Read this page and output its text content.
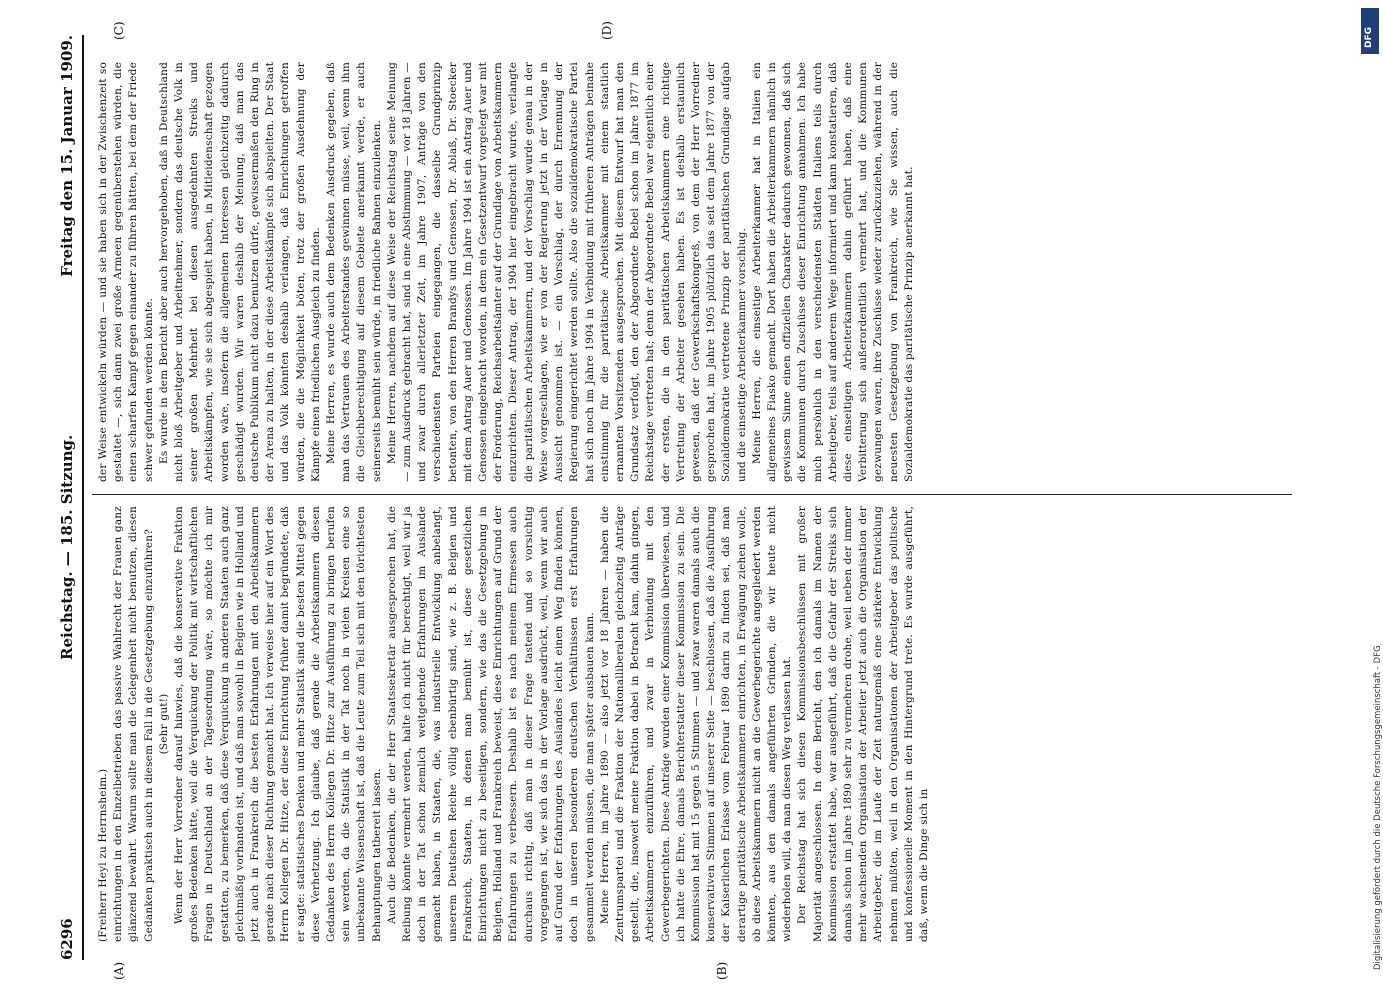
6296
Reichstag. — 185. Sitzung.
Freitag den 15. Januar 1909.
(A)	(B)
(C)	(D)

(Freiherr Heyl zu Herrnsheim.) einrichtungen in den Einzelbetrieben das passive Wahlrecht der Frauen ganz glänzend bewährt. Warum sollte man die Gelegenheit nicht benutzen, diesen Gedanken praktisch auch in diesem Fall in die Gesetzgebung einzuführen? (Sehr gut!) Wenn der Herr Vorredner darauf hinwies, daß die konservative Fraktion großes Bedenken hätte, weil die Verquickung der Politik mit wirtschaftlichen Fragen in Deutschland an der Tagesordnung wäre, so möchte ich mir gestatten, zu bemerken, daß diese Verquickung in anderen Staaten auch ganz gleichmäßig vorhanden ist, und daß man sowohl in Belgien wie in Holland und jetzt auch in Frankreich die besten Erfahrungen mit den Arbeitskammern gerade nach dieser Richtung gemacht hat. Ich verweise hier auf ein Wort des Herrn Kollegen Dr. Hitze, der diese Einrichtung früher damit begründete, daß er sagte: statistisches Denken und mehr Statistik sind die besten Mittel gegen diese Verhetzung. Ich glaube, daß gerade die Arbeitskammern diesen Gedanken des Herrn Kollegen Dr. Hitze zur Ausführung zu bringen berufen sein werden, da die Statistik in der Tat noch in vielen Kreisen eine so unbekannte Wissenschaft ist, daß die Leute zum Teil sich mit den törichtesten Behauptungen tatbereit lassen. Auch die Bedenken, die der Herr Staatssekretär ausgesprochen hat, die Reibung könnte vermehrt werden, halte ich nicht für berechtigt, weil wir ja doch in der Tat schon ziemlich weitgehende Erfahrungen im Auslande gemacht haben, in Staaten, die, was industrielle Entwicklung anbelangt, unserem Deutschen Reiche völlig ebenbürtig sind, wie z. B. Belgien und Frankreich, Staaten, in denen man bemüht ist, diese gesetzlichen Einrichtungen nicht zu beseitigen, sondern, wie das die Gesetzgebung in Belgien, Holland und Frankreich beweist, diese Einrichtungen auf Grund der Erfahrungen zu verbessern. Deshalb ist es nach meinem Ermessen auch durchaus richtig, daß man in dieser Frage tastend und so vorsichtig vorgegangen ist, wie sich das in der Vorlage ausdrückt, weil, wenn wir auch auf Grund der Erfahrungen des Auslandes leicht einen Weg finden können, doch in unseren besonderen deutschen Verhältnissen erst Erfahrungen gesammelt werden müssen, die man später ausbauen kann. Meine Herren, im Jahre 1890 — also jetzt vor 18 Jahren — haben die Zentrumspartei und die Fraktion der Nationalliberalen gleichzeitig Anträge gestellt, die, insoweit meine Fraktion dabei in Betracht kam, dahin gingen, Arbeitskammern einzuführen, und zwar in Verbindung mit den Gewerbegerichten. Diese Anträge wurden einer Kommission überwiesen, und ich hatte die Ehre, damals Berichterstatter dieser Kommission zu sein. Die Kommission hat mit 15 gegen 5 Stimmen — und zwar waren damals auch die konservativen Stimmen auf unserer Seite — beschlossen, daß die Ausführung der Kaiserlichen Erlasse vom Februar 1890 darin zu finden sei, daß man derartige paritätische Arbeitskammern einrichten, in Erwägung ziehen wolle, ob diese Arbeitskammern nicht an die Gewerbegerichte angegliedert werden könnten, aus den damals angeführten Gründen, die wir heute nicht wiederholen will, da man diesen Weg verlassen hat. Der Reichstag hat sich diesen Kommissionsbeschlüssen mit großer Majorität angeschlossen. In dem Bericht, den ich damals im Namen der Kommission erstattet habe, war ausgeführt, daß die Gefahr der Streiks sich damals schon im Jahre 1890 sehr zu vermehren drohe, weil neben der immer mehr wachsenden Organisation der Arbeiter jetzt auch die Organisation der Arbeitgeber, die im Laufe der Zeit naturgemäß eine stärkere Entwicklung nehmen müßten, weil in den Organisationen der Arbeitgeber das politische und konfessionelle Moment in den Hintergrund trete. Es wurde ausgeführt, daß, wenn die Dinge sich in

der Weise entwickeln würden — und sie haben sich in der Zwischenzeit so gestaltet —, sich dann zwei große Armeen gegenüberstehen würden, die einen scharfen Kampf gegen einander zu führen hätten, bei dem der Friede schwer gefunden werden könnte. Es wurde in dem Bericht aber auch hervorgehoben, daß in Deutschland nicht bloß Arbeitgeber und Arbeitnehmer, sondern das deutsche Volk in seiner großen Mehrheit bei diesen ausgedehnten Streiks und Arbeitskämpfen, wie sie sich abgespielt haben, in Mitleidenschaft gezogen worden wäre, insofern die allgemeinen Interessen gleichzeitig dadurch geschädigt wurden. Wir waren deshalb der Meinung, daß man das deutsche Publikum nicht dazu benutzen dürfe, gewissermaßen den Ring in der Arena zu halten, in der diese Arbeitskämpfe sich abspielten. Der Staat und das Volk könnten deshalb verlangen, daß Einrichtungen getroffen würden, die die Möglichkeit böten, trotz der großen Ausdehnung der Kämpfe einen friedlichen Ausgleich zu finden. Meine Herren, es wurde auch dem Bedenken Ausdruck gegeben, daß man das Vertrauen des Arbeiterstandes gewinnen müsse, weil, wenn ihm die Gleichberechtigung auf diesem Gebiete anerkannt werde, er auch seinerseits bemüht sein würde, in friedliche Bahnen einzulenken. Meine Herren, nachdem auf diese Weise der Reichstag seine Meinung — zum Ausdruck gebracht hat, sind in eine Abstimmung — vor 18 Jahren — und zwar durch allerletzter Zeit, im Jahre 1907, Anträge von den verschiedensten Parteien eingegangen, die dasselbe Grundprinzip betonten, von den Herren Brandys und Genossen, Dr. Ablaß, Dr. Stoecker mit dem Antrag Auer und Genossen. Im Jahre 1904 ist ein Antrag Auer und Genossen eingebracht worden, in dem ein Gesetzentwurf vorgelegt war mit der Forderung, Reichsarbeitsämter auf der Grundlage von Arbeitskammern einzurichten. Dieser Antrag, der 1904 hier eingebracht wurde, verlangte die paritätischen Arbeitskammern, und der Vorschlag wurde genau in der Weise vorgeschlagen, wie er von der Regierung jetzt in der Vorlage in Aussicht genommen ist. — ein Vorschlag, der durch Ernennung der Regierung eingerichtet werden sollte. Also die sozialdemokratische Partei hat sich noch im Jahre 1904 in Verbindung mit früheren Anträgen beinahe einstimmig für die paritätische Arbeitskammer mit einem staatlich ernannten Vorsitzenden ausgesprochen. Mit diesem Entwurf hat man den Grundsatz verfolgt, den der Abgeordnete Bebel schon im Jahre 1877 im Reichstage vertreten hat; denn der Abgeordnete Bebel war eigentlich einer der ersten, die in den paritätischen Arbeitskammern eine richtige Vertretung der Arbeiter gesehen haben. Es ist deshalb erstaunlich gewesen, daß der Gewerkschaftskongreß, von dem der Herr Vorredner gesprochen hat, im Jahre 1905 plötzlich das seit dem Jahre 1877 von der Sozialdemokratie vertretene Prinzip der paritätischen Grundlage aufgab und die einseitige Arbeiterkammer vorschlug. Meine Herren, die einseitige Arbeiterkammer hat in Italien ein allgemeines Fiasko gemacht. Dort haben die Arbeiterkammern nämlich in gewissem Sinne einen offiziellen Charakter dadurch gewonnen, daß sich die Kommunen durch Zuschüsse dieser Einrichtung annahmen. Ich habe mich persönlich in den verschiedensten Städten Italiens teils durch Arbeitgeber, teils auf anderem Wege informiert und kann konstatieren, daß diese einseitigen Arbeiterkammern dahin geführt haben, daß eine Verbitterung sich außerordentlich vermehrt hat, und die Kommunen gezwungen waren, ihre Zuschüsse wieder zurückzuziehen, während in der neuesten Gesetzgebung von Frankreich, wie Sie wissen, auch die Sozialdemokratie das paritätische Prinzip anerkannt hat.

DFG
Digitalisierung gefördert durch die Deutsche Forschungsgemeinschaft - DFG
